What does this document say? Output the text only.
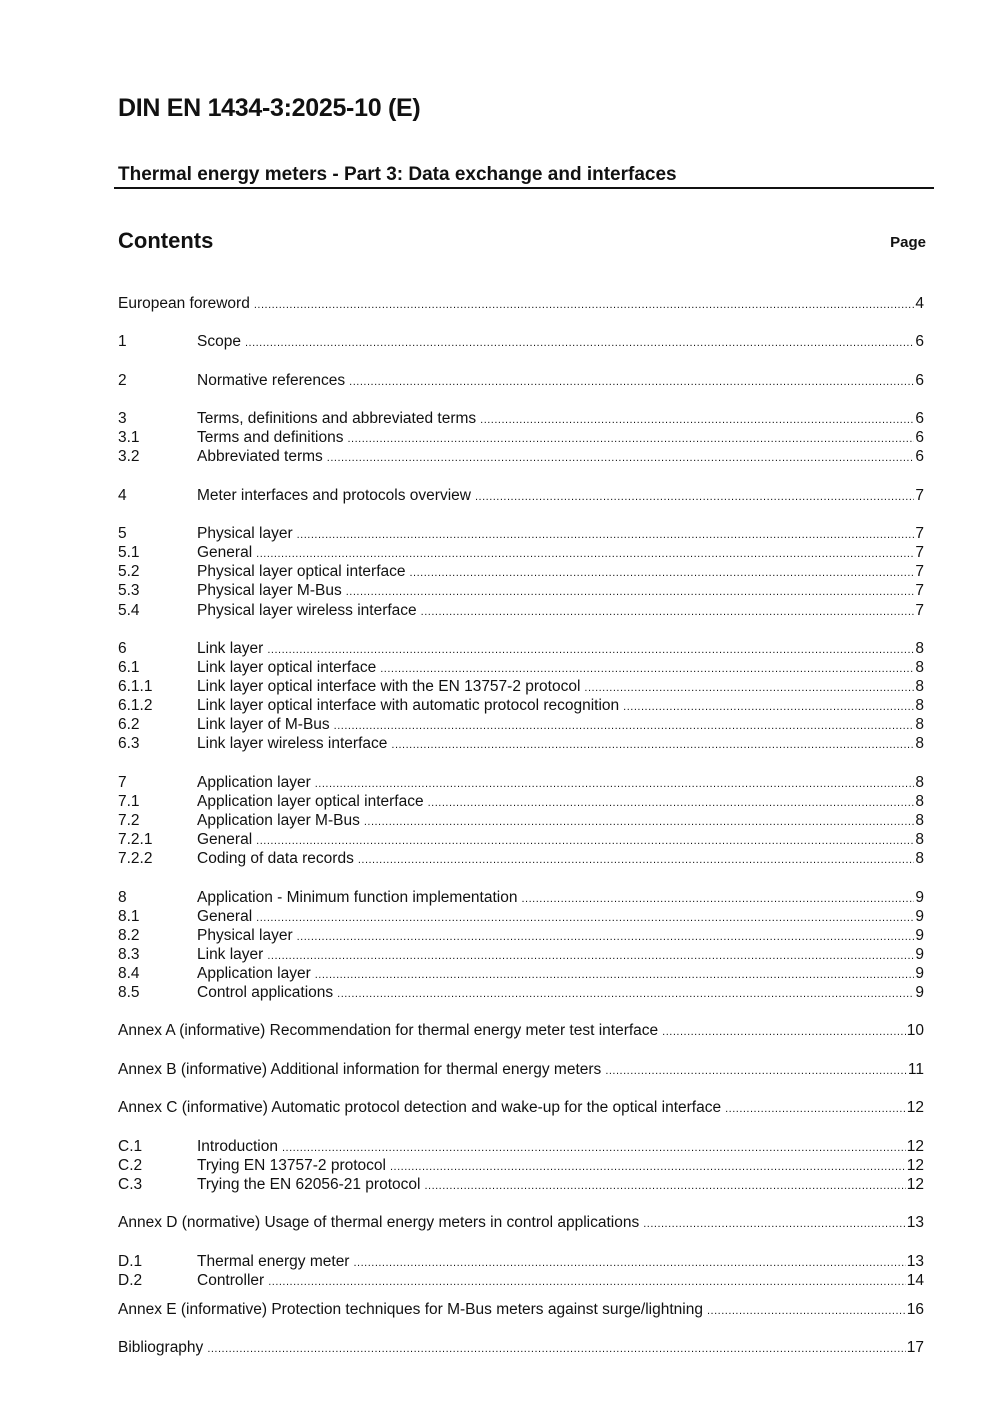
DIN EN 1434-3:2025-10 (E)
Thermal energy meters - Part 3: Data exchange and interfaces
Contents	Page
European foreword .....	4
1	Scope .....	6
2	Normative references .....	6
3	Terms, definitions and abbreviated terms .....	6
3.1	Terms and definitions .....	6
3.2	Abbreviated terms .....	6
4	Meter interfaces and protocols overview .....	7
5	Physical layer .....	7
5.1	General .....	7
5.2	Physical layer optical interface .....	7
5.3	Physical layer M-Bus .....	7
5.4	Physical layer wireless interface .....	7
6	Link layer .....	8
6.1	Link layer optical interface .....	8
6.1.1	Link layer optical interface with the EN 13757-2 protocol .....	8
6.1.2	Link layer optical interface with automatic protocol recognition .....	8
6.2	Link layer of M-Bus .....	8
6.3	Link layer wireless interface .....	8
7	Application layer .....	8
7.1	Application layer optical interface .....	8
7.2	Application layer M-Bus .....	8
7.2.1	General .....	8
7.2.2	Coding of data records .....	8
8	Application - Minimum function implementation .....	9
8.1	General .....	9
8.2	Physical layer .....	9
8.3	Link layer .....	9
8.4	Application layer .....	9
8.5	Control applications .....	9
Annex A (informative) Recommendation for thermal energy meter test interface .....	10
Annex B (informative) Additional information for thermal energy meters .....	11
Annex C (informative) Automatic protocol detection and wake-up for the optical interface .....	12
C.1	Introduction .....	12
C.2	Trying EN 13757-2 protocol .....	12
C.3	Trying the EN 62056-21 protocol .....	12
Annex D (normative) Usage of thermal energy meters in control applications .....	13
D.1	Thermal energy meter .....	13
D.2	Controller .....	14
Annex E (informative) Protection techniques for M-Bus meters against surge/lightning .....	16
Bibliography .....	17
